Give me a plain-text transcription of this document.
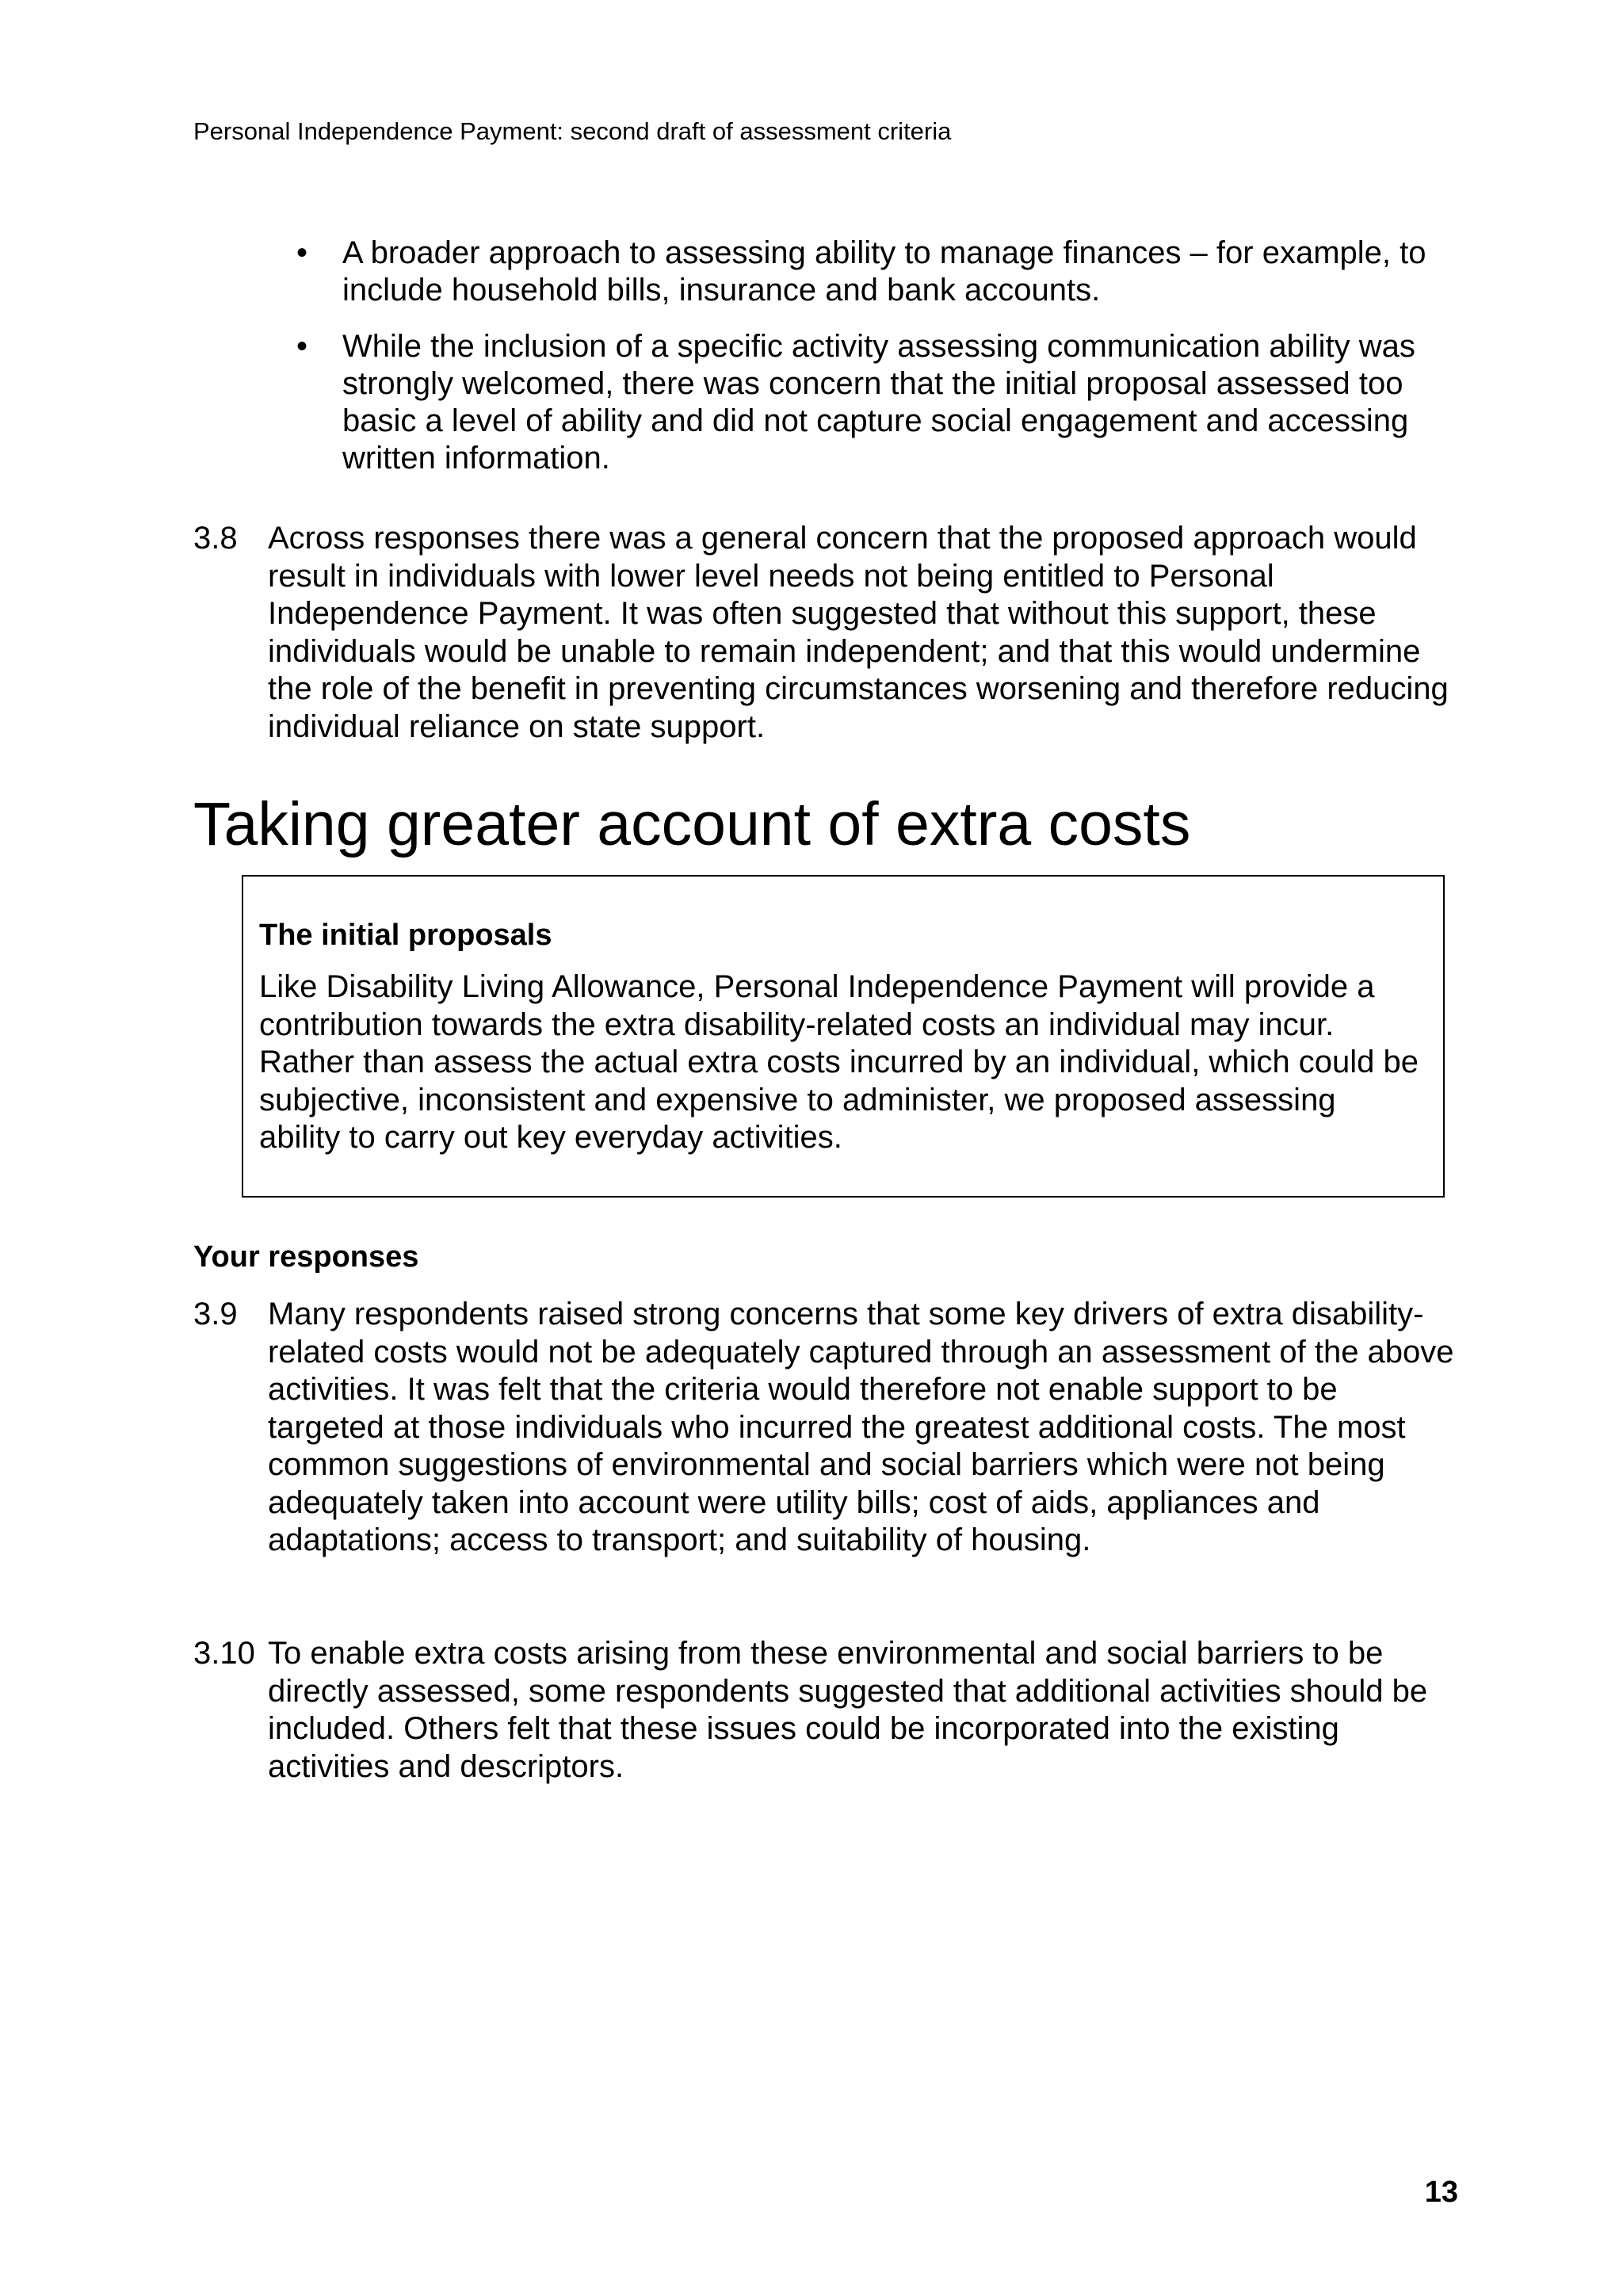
Personal Independence Payment: second draft of assessment criteria
• A broader approach to assessing ability to manage finances – for example, to include household bills, insurance and bank accounts.
• While the inclusion of a specific activity assessing communication ability was strongly welcomed, there was concern that the initial proposal assessed too basic a level of ability and did not capture social engagement and accessing written information.
3.8 Across responses there was a general concern that the proposed approach would result in individuals with lower level needs not being entitled to Personal Independence Payment. It was often suggested that without this support, these individuals would be unable to remain independent; and that this would undermine the role of the benefit in preventing circumstances worsening and therefore reducing individual reliance on state support.
Taking greater account of extra costs
The initial proposals
Like Disability Living Allowance, Personal Independence Payment will provide a contribution towards the extra disability-related costs an individual may incur. Rather than assess the actual extra costs incurred by an individual, which could be subjective, inconsistent and expensive to administer, we proposed assessing ability to carry out key everyday activities.
Your responses
3.9 Many respondents raised strong concerns that some key drivers of extra disability-related costs would not be adequately captured through an assessment of the above activities. It was felt that the criteria would therefore not enable support to be targeted at those individuals who incurred the greatest additional costs. The most common suggestions of environmental and social barriers which were not being adequately taken into account were utility bills; cost of aids, appliances and adaptations; access to transport; and suitability of housing.
3.10 To enable extra costs arising from these environmental and social barriers to be directly assessed, some respondents suggested that additional activities should be included. Others felt that these issues could be incorporated into the existing activities and descriptors.
13
